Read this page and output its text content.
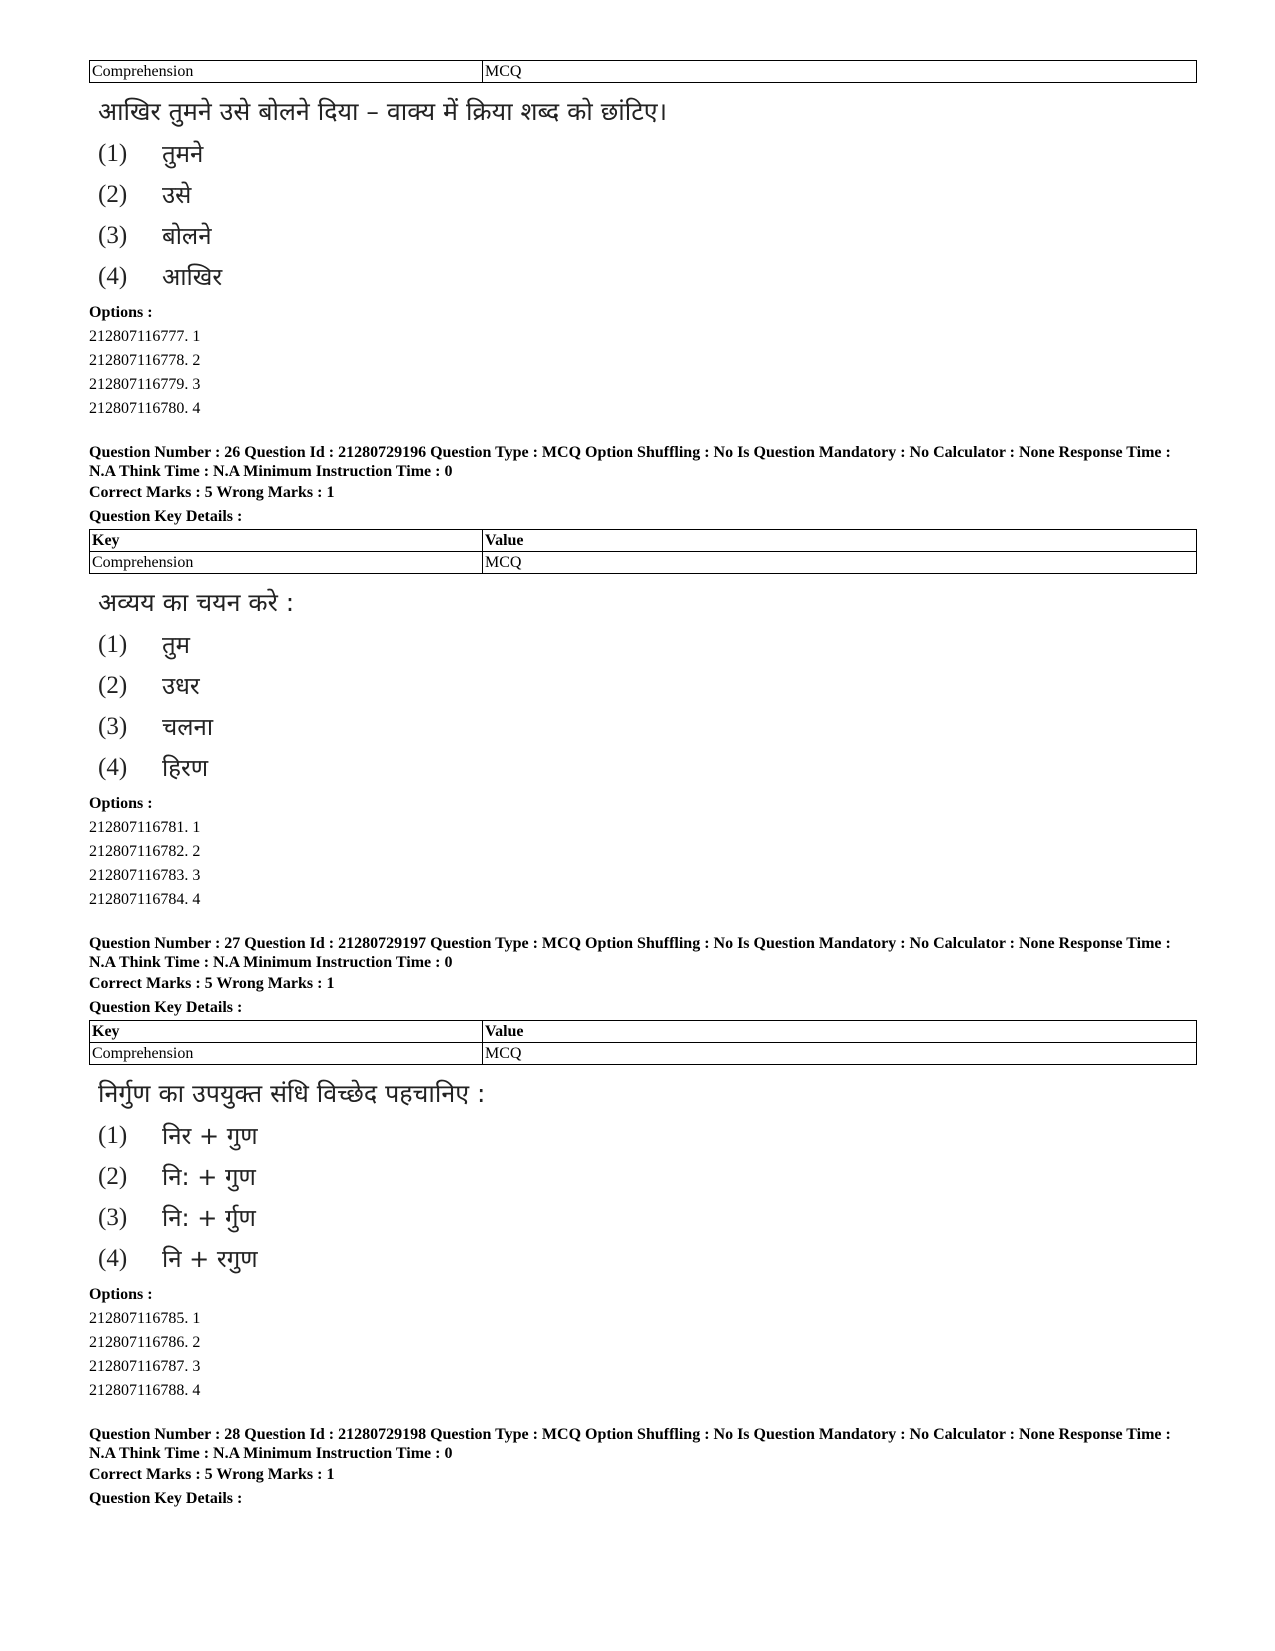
Comprehension	MCQ
आखिर तुमने उसे बोलने दिया – वाक्य में क्रिया शब्द को छांटिए।
(1)	तुमने
(2)	उसे
(3)	बोलने
(4)	आखिर
Options :
212807116777. 1
212807116778. 2
212807116779. 3
212807116780. 4
Question Number : 26 Question Id : 21280729196 Question Type : MCQ Option Shuffling : No Is Question Mandatory : No Calculator : None Response Time : N.A Think Time : N.A Minimum Instruction Time : 0
Correct Marks : 5 Wrong Marks : 1
Question Key Details :
Key	Value
Comprehension	MCQ
अव्यय का चयन करे :
(1)	तुम
(2)	उधर
(3)	चलना
(4)	हिरण
Options :
212807116781. 1
212807116782. 2
212807116783. 3
212807116784. 4
Question Number : 27 Question Id : 21280729197 Question Type : MCQ Option Shuffling : No Is Question Mandatory : No Calculator : None Response Time : N.A Think Time : N.A Minimum Instruction Time : 0
Correct Marks : 5 Wrong Marks : 1
Question Key Details :
Key	Value
Comprehension	MCQ
निर्गुण का उपयुक्त संधि विच्छेद पहचानिए :
(1)	निर + गुण
(2)	नि: + गुण
(3)	नि: + र्गुण
(4)	नि + रगुण
Options :
212807116785. 1
212807116786. 2
212807116787. 3
212807116788. 4
Question Number : 28 Question Id : 21280729198 Question Type : MCQ Option Shuffling : No Is Question Mandatory : No Calculator : None Response Time : N.A Think Time : N.A Minimum Instruction Time : 0
Correct Marks : 5 Wrong Marks : 1
Question Key Details :
